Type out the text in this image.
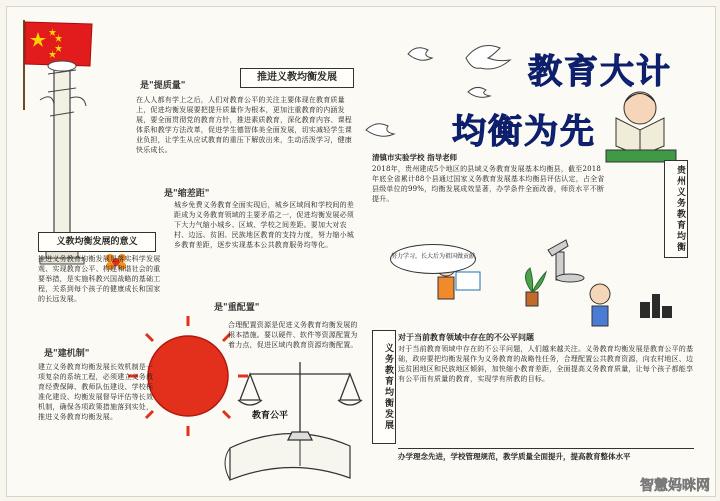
教育大计
均衡为先
是"提质量"
推进义教均衡发展
在人人都有学上之后，人们对教育公平的关注主要体现在教育质量上，促进均衡发展要把提升质量作为根本，更加注重教育的内涵发展，要全面贯彻党的教育方针，推进素质教育，深化教育内容、课程体系和教学方法改革，促进学生德智体美全面发展，切实减轻学生课业负担，让学生从应试教育的重压下解放出来，生动活泼学习，健康快乐成长。
是"缩差距"
城乡免费义务教育全面实现后，城乡区域间和学校间的差距成为义务教育领域的主要矛盾之一，促进均衡发展必须下大力气缩小城乡、区域、学校之间差距。要加大对农村、边远、贫困、民族地区教育的支持力度，努力缩小城乡教育差距，逐步实现基本公共教育服务均等化。
义教均衡发展的意义
推进义务教育均衡发展是落实科学发展观、实现教育公平、构建和谐社会的重要举措，是实施科教兴国战略的基础工程，关系到每个孩子的健康成长和国家的长远发展。
是"重配置"
合理配置资源是促进义务教育均衡发展的根本措施。要以硬件、软件等资源配置为着力点，促进区域内教育资源均衡配置。
是"建机制"
建立义务教育均衡发展长效机制是一项复杂的系统工程，必须建立义务教育经费保障、教师队伍建设、学校标准化建设、均衡发展督导评估等长效机制，确保各项政策措施落到实处，推进义务教育均衡发展。
清镇市实验学校 指导老师
2018年，贵州建成5个地区的县域义务教育发展基本均衡县，截至2018年底全省累计88个县通过国家义务教育发展基本均衡县评估认定，占全省县级单位的99%，均衡发展成效显著，办学条件全面改善，师资水平不断提升。	贵州义务教育均衡
努力学习，长大后为祖国做贡献
义务教育均衡发展
对于当前教育领域中存在的不公平问题
对于当前教育领域中存在的不公平问题，人们越来越关注。义务教育均衡发展是教育公平的基础，政府要把均衡发展作为义务教育的战略性任务，合理配置公共教育资源，向农村地区、边远贫困地区和民族地区倾斜，加快缩小教育差距，全面提高义务教育质量，让每个孩子都能享有公平而有质量的教育，实现学有所教的目标。
办学理念先进，学校管理规范，教学质量全面提升，提高教育整体水平
教育公平
智慧妈咪网
